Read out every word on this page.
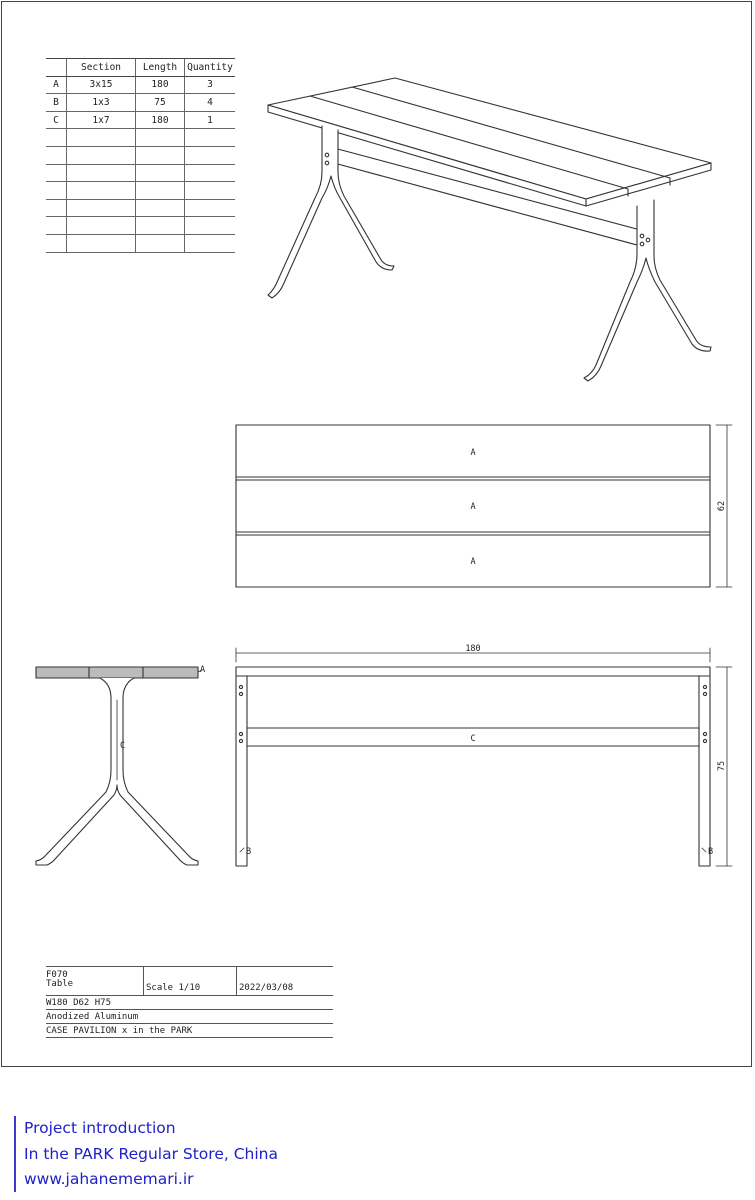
	Section	Length	Quantity
A	3x15	180	3
B	1x3	75	4
C	1x7	180	1

A
A
A
62
180
75
C
B	B
A
C
F070
Table	Scale 1/10	2022/03/08
W180 D62 H75
Anodized Aluminum
CASE PAVILION x in the PARK
Project introduction
In the PARK Regular Store, China
www.jahanememari.ir
